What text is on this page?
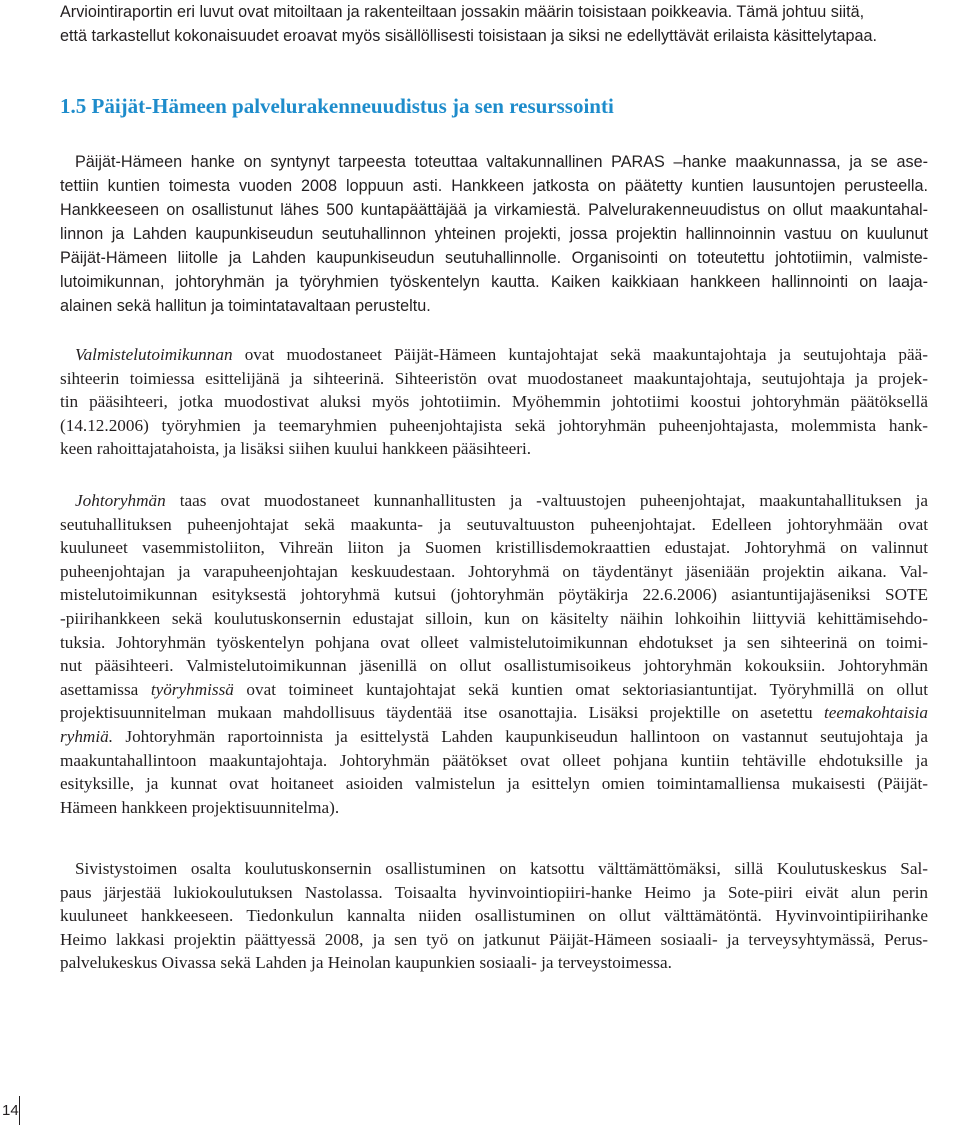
Arviointiraportin eri luvut ovat mitoiltaan ja rakenteiltaan jossakin määrin toisistaan poikkeavia. Tämä johtuu siitä,
että tarkastellut kokonaisuudet eroavat myös sisällöllisesti toisistaan ja siksi ne edellyttävät erilaista käsittelytapaa.

1.5 Päijät-Hämeen palvelurakenneuudistus ja sen resurssointi

Päijät-Hämeen hanke on syntynyt tarpeesta toteuttaa valtakunnallinen PARAS –hanke maakunnassa, ja se ase-
tettiin kuntien toimesta vuoden 2008 loppuun asti. Hankkeen jatkosta on päätetty kuntien lausuntojen perusteella.
Hankkeeseen on osallistunut lähes 500 kuntapäättäjää ja virkamiestä. Palvelurakenneuudistus on ollut maakuntahal-
linnon ja Lahden kaupunkiseudun seutuhallinnon yhteinen projekti, jossa projektin hallinnoinnin vastuu on kuulunut
Päijät-Hämeen liitolle ja Lahden kaupunkiseudun seutuhallinnolle. Organisointi on toteutettu johtotiimin, valmiste-
lutoimikunnan, johtoryhmän ja työryhmien työskentelyn kautta. Kaiken kaikkiaan hankkeen hallinnointi on laaja-
alainen sekä hallitun ja toimintatavaltaan perusteltu.

Valmistelutoimikunnan ovat muodostaneet Päijät-Hämeen kuntajohtajat sekä maakuntajohtaja ja seutujohtaja pää-
sihteerin toimiessa esittelijänä ja sihteerinä. Sihteeristön ovat muodostaneet maakuntajohtaja, seutujohtaja ja projek-
tin pääsihteeri, jotka muodostivat aluksi myös johtotiimin. Myöhemmin johtotiimi koostui johtoryhmän päätöksellä
(14.12.2006) työryhmien ja teemaryhmien puheenjohtajista sekä johtoryhmän puheenjohtajasta, molemmista hank-
keen rahoittajatahoista, ja lisäksi siihen kuului hankkeen pääsihteeri.

Johtoryhmän taas ovat muodostaneet kunnanhallitusten ja -valtuustojen puheenjohtajat, maakuntahallituksen ja
seutuhallituksen puheenjohtajat sekä maakunta- ja seutuvaltuuston puheenjohtajat. Edelleen johtoryhmään ovat
kuuluneet vasemmistoliiton, Vihreän liiton ja Suomen kristillisdemokraattien edustajat. Johtoryhmä on valinnut
puheenjohtajan ja varapuheenjohtajan keskuudestaan. Johtoryhmä on täydentänyt jäseniään projektin aikana. Val-
mistelutoimikunnan esityksestä johtoryhmä kutsui (johtoryhmän pöytäkirja 22.6.2006) asiantuntijajäseniksi SOTE
-piirihankkeen sekä koulutuskonsernin edustajat silloin, kun on käsitelty näihin lohkoihin liittyviä kehittämisehdo-
tuksia. Johtoryhmän työskentelyn pohjana ovat olleet valmistelutoimikunnan ehdotukset ja sen sihteerinä on toimi-
nut pääsihteeri. Valmistelutoimikunnan jäsenillä on ollut osallistumisoikeus johtoryhmän kokouksiin. Johtoryhmän
asettamissa työryhmissä ovat toimineet kuntajohtajat sekä kuntien omat sektoriasiantuntijat. Työryhmillä on ollut
projektisuunnitelman mukaan mahdollisuus täydentää itse osanottajia. Lisäksi projektille on asetettu teemakohtaisia
ryhmiä. Johtoryhmän raportoinnista ja esittelystä Lahden kaupunkiseudun hallintoon on vastannut seutujohtaja ja
maakuntahallintoon maakuntajohtaja. Johtoryhmän päätökset ovat olleet pohjana kuntiin tehtäville ehdotuksille ja
esityksille, ja kunnat ovat hoitaneet asioiden valmistelun ja esittelyn omien toimintamalliensa mukaisesti (Päijät-
Hämeen hankkeen projektisuunnitelma).

Sivistystoimen osalta koulutuskonsernin osallistuminen on katsottu välttämättömäksi, sillä Koulutuskeskus Sal-
paus järjestää lukiokoulutuksen Nastolassa. Toisaalta hyvinvointiopiiri-hanke Heimo ja Sote-piiri eivät alun perin
kuuluneet hankkeeseen. Tiedonkulun kannalta niiden osallistuminen on ollut välttämätöntä. Hyvinvointipiirihanke
Heimo lakkasi projektin päättyessä 2008, ja sen työ on jatkunut Päijät-Hämeen sosiaali- ja terveysyhtymässä, Perus-
palvelukeskus Oivassa sekä Lahden ja Heinolan kaupunkien sosiaali- ja terveystoimessa.

14
